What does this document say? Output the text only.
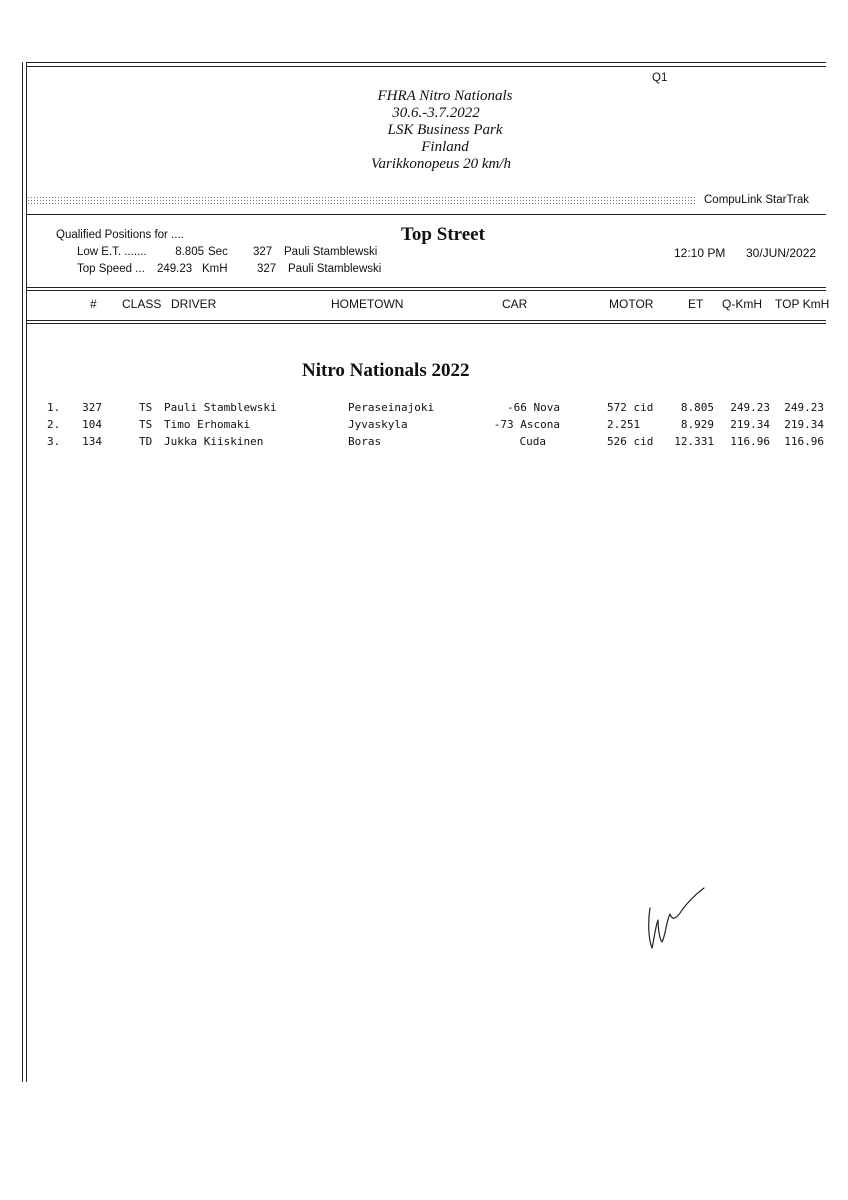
Q1
FHRA Nitro Nationals
30.6.-3.7.2022
LSK Business Park
Finland
Varikkonopeus 20 km/h
CompuLink StarTrak
Qualified Positions for ....
Low E.T. .......	8.805 Sec 327 Pauli Stamblewski
Top Speed ... 249.23 KmH	327 Pauli Stamblewski
Top Street
12:10 PM 30/JUN/2022
# CLASS DRIVER	HOMETOWN	CAR	MOTOR	ET Q-KmH TOP KmH
Nitro Nationals 2022
1.	327	TS Pauli Stamblewski	Peraseinajoki	-66 Nova	572 cid	8.805	249.23	249.23
2.	104	TS Timo Erhomaki	Jyvaskyla	-73 Ascona	2.251	8.929	219.34	219.34
3.	134	TD Jukka Kiiskinen	Boras	Cuda	526 cid	12.331	116.96	116.96
